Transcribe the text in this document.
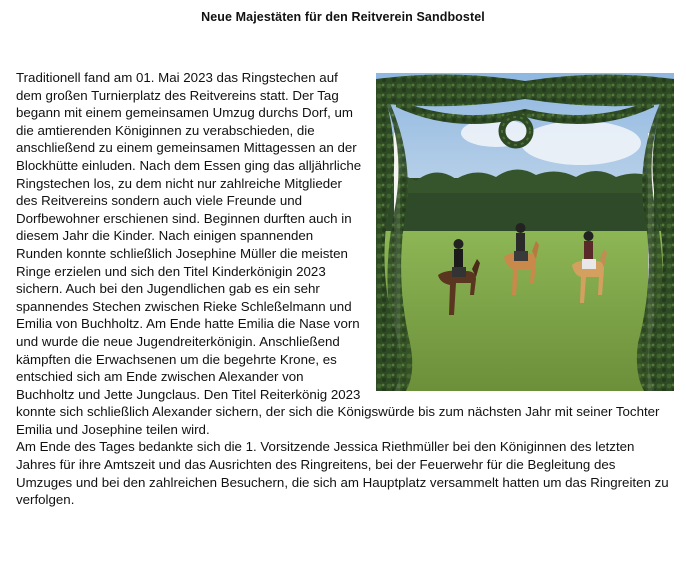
Neue Majestäten für den Reitverein Sandbostel

Traditionell fand am 01. Mai 2023 das Ringstechen auf dem großen Turnierplatz des Reitvereins statt. Der Tag begann mit einem gemeinsamen Umzug durchs Dorf, um die amtierenden Königinnen zu verabschieden, die anschließend zu einem gemeinsamen Mittagessen an der Blockhütte einluden. Nach dem Essen ging das alljährliche Ringstechen los, zu dem nicht nur zahlreiche Mitglieder des Reitvereins sondern auch viele Freunde und Dorfbewohner erschienen sind. Beginnen durften auch in diesem Jahr die Kinder. Nach einigen spannenden Runden konnte schließlich Josephine Müller die meisten Ringe erzielen und sich den Titel Kinderkönigin 2023 sichern. Auch bei den Jugendlichen gab es ein sehr spannendes Stechen zwischen Rieke Schleßelmann und Emilia von Buchholtz. Am Ende hatte Emilia die Nase vorn und wurde die neue Jugendreiterkönigin. Anschließend kämpften die Erwachsenen um die begehrte Krone, es entschied sich am Ende zwischen Alexander von Buchholtz und Jette Jungclaus. Den Titel Reiterkönig 2023 konnte sich schließlich Alexander sichern, der sich die Königswürde bis zum nächsten Jahr mit seiner Tochter Emilia und Josephine teilen wird.

Am Ende des Tages bedankte sich die 1. Vorsitzende Jessica Riethmüller bei den Königinnen des letzten Jahres für ihre Amtszeit und das Ausrichten des Ringreitens, bei der Feuerwehr für die Begleitung des Umzuges und bei den zahlreichen Besuchern, die sich am Hauptplatz versammelt hatten um das Ringreiten zu verfolgen.
